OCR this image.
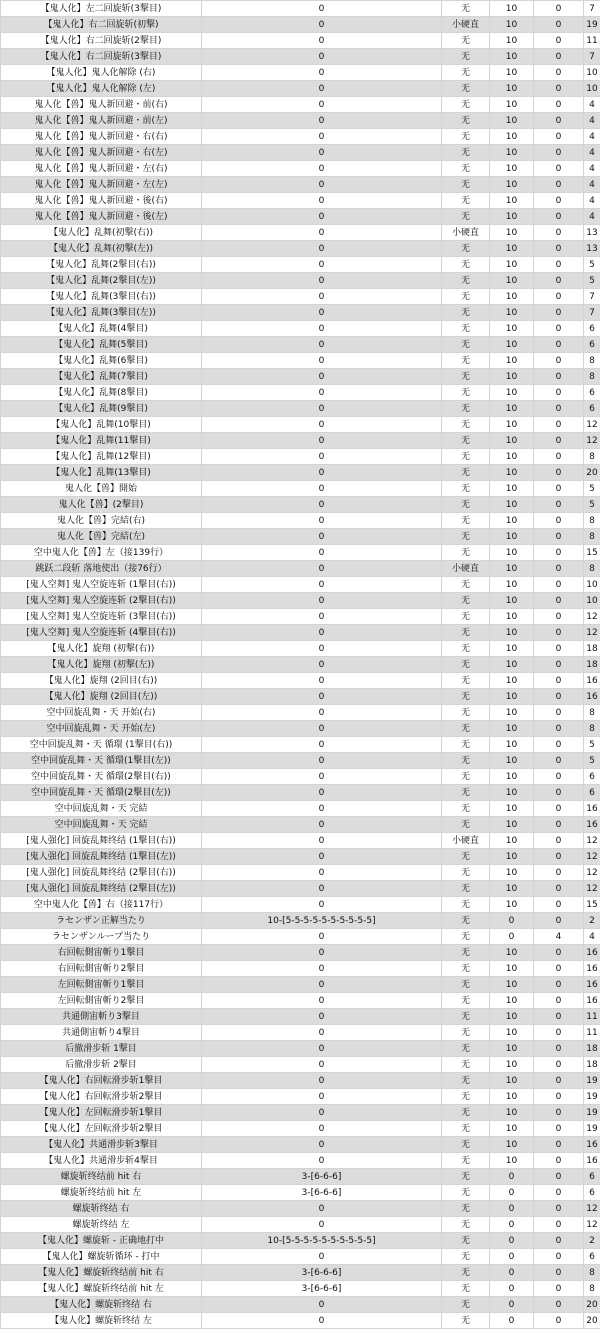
【鬼人化】左二回旋斩(3撃目)	0	无	10	0	7
【鬼人化】右二回旋斩(初撃)	0	小硬直	10	0	19
【鬼人化】右二回旋斩(2撃目)	0	无	10	0	11
【鬼人化】右二回旋斩(3撃目)	0	无	10	0	7
【鬼人化】鬼人化解除 (右)	0	无	10	0	10
【鬼人化】鬼人化解除 (左)	0	无	10	0	10
鬼人化【兽】鬼人新回避・前(右)	0	无	10	0	4
鬼人化【兽】鬼人新回避・前(左)	0	无	10	0	4
鬼人化【兽】鬼人新回避・右(右)	0	无	10	0	4
鬼人化【兽】鬼人新回避・右(左)	0	无	10	0	4
鬼人化【兽】鬼人新回避・左(右)	0	无	10	0	4
鬼人化【兽】鬼人新回避・左(左)	0	无	10	0	4
鬼人化【兽】鬼人新回避・後(右)	0	无	10	0	4
鬼人化【兽】鬼人新回避・後(左)	0	无	10	0	4
【鬼人化】乱舞(初撃(右))	0	小硬直	10	0	13
【鬼人化】乱舞(初撃(左))	0	无	10	0	13
【鬼人化】乱舞(2撃目(右))	0	无	10	0	5
【鬼人化】乱舞(2撃目(左))	0	无	10	0	5
【鬼人化】乱舞(3撃目(右))	0	无	10	0	7
【鬼人化】乱舞(3撃目(左))	0	无	10	0	7
【鬼人化】乱舞(4撃目)	0	无	10	0	6
【鬼人化】乱舞(5撃目)	0	无	10	0	6
【鬼人化】乱舞(6撃目)	0	无	10	0	8
【鬼人化】乱舞(7撃目)	0	无	10	0	8
【鬼人化】乱舞(8撃目)	0	无	10	0	6
【鬼人化】乱舞(9撃目)	0	无	10	0	6
【鬼人化】乱舞(10撃目)	0	无	10	0	12
【鬼人化】乱舞(11撃目)	0	无	10	0	12
【鬼人化】乱舞(12撃目)	0	无	10	0	8
【鬼人化】乱舞(13撃目)	0	无	10	0	20
鬼人化【兽】開始	0	无	10	0	5
鬼人化【兽】(2撃目)	0	无	10	0	5
鬼人化【兽】完結(右)	0	无	10	0	8
鬼人化【兽】完結(左)	0	无	10	0	8
空中鬼人化【兽】左（接139行）	0	无	10	0	15
跳跃二段斩 落地使出（接76行）	0	小硬直	10	0	8
[鬼人空舞] 鬼人空旋连斩 (1撃目(右))	0	无	10	0	10
[鬼人空舞] 鬼人空旋连斩 (2撃目(右))	0	无	10	0	10
[鬼人空舞] 鬼人空旋连斩 (3撃目(右))	0	无	10	0	12
[鬼人空舞] 鬼人空旋连斩 (4撃目(右))	0	无	10	0	12
【鬼人化】旋翔 (初撃(右))	0	无	10	0	18
【鬼人化】旋翔 (初撃(左))	0	无	10	0	18
【鬼人化】旋翔 (2回目(右))	0	无	10	0	16
【鬼人化】旋翔 (2回目(左))	0	无	10	0	16
空中回旋乱舞・天 开始(右)	0	无	10	0	8
空中回旋乱舞・天 开始(左)	0	无	10	0	8
空中回旋乱舞・天 循環 (1撃目(右))	0	无	10	0	5
空中回旋乱舞・天 循環(1撃目(左))	0	无	10	0	5
空中回旋乱舞・天 循環(2撃目(右))	0	无	10	0	6
空中回旋乱舞・天 循環(2撃目(左))	0	无	10	0	6
空中回旋乱舞・天 完結	0	无	10	0	16
空中回旋乱舞・天 完結	0	无	10	0	16
[鬼人强化] 回旋乱舞终结 (1撃目(右))	0	小硬直	10	0	12
[鬼人强化] 回旋乱舞终结 (1撃目(左))	0	无	10	0	12
[鬼人强化] 回旋乱舞终结 (2撃目(右))	0	无	10	0	12
[鬼人强化] 回旋乱舞终结 (2撃目(左))	0	无	10	0	12
空中鬼人化【兽】右（接117行）	0	无	10	0	15
ラセンザン正解当たり	10-[5-5-5-5-5-5-5-5-5-5]	无	0	0	2
ラセンザンループ当たり	0	无	0	4	4
右回転側宙斬り1撃目	0	无	10	0	16
右回転側宙斬り2撃目	0	无	10	0	16
左回転側宙斬り1撃目	0	无	10	0	16
左回転側宙斬り2撃目	0	无	10	0	16
共通側宙斬り3撃目	0	无	10	0	11
共通側宙斬り4撃目	0	无	10	0	11
后撤滑步斩 1撃目	0	无	10	0	18
后撤滑步斩 2撃目	0	无	10	0	18
【鬼人化】右回転滑步斩1撃目	0	无	10	0	19
【鬼人化】右回転滑步斩2撃目	0	无	10	0	19
【鬼人化】左回転滑步斩1撃目	0	无	10	0	19
【鬼人化】左回転滑步斩2撃目	0	无	10	0	19
【鬼人化】共通滑步斩3撃目	0	无	10	0	16
【鬼人化】共通滑步斩4撃目	0	无	10	0	16
螺旋斩终结前 hit 右	3-[6-6-6]	无	0	0	6
螺旋斩终结前 hit 左	3-[6-6-6]	无	0	0	6
螺旋斩终结 右	0	无	0	0	12
螺旋斩终结 左	0	无	0	0	12
【鬼人化】螺旋斩 - 正确地打中	10-[5-5-5-5-5-5-5-5-5-5]	无	0	0	2
【鬼人化】螺旋斩循环 - 打中	0	无	0	0	6
【鬼人化】螺旋斩终结前 hit 右	3-[6-6-6]	无	0	0	8
【鬼人化】螺旋斩终结前 hit 左	3-[6-6-6]	无	0	0	8
【鬼人化】螺旋斩终结 右	0	无	0	0	20
【鬼人化】螺旋斩终结 左	0	无	0	0	20
